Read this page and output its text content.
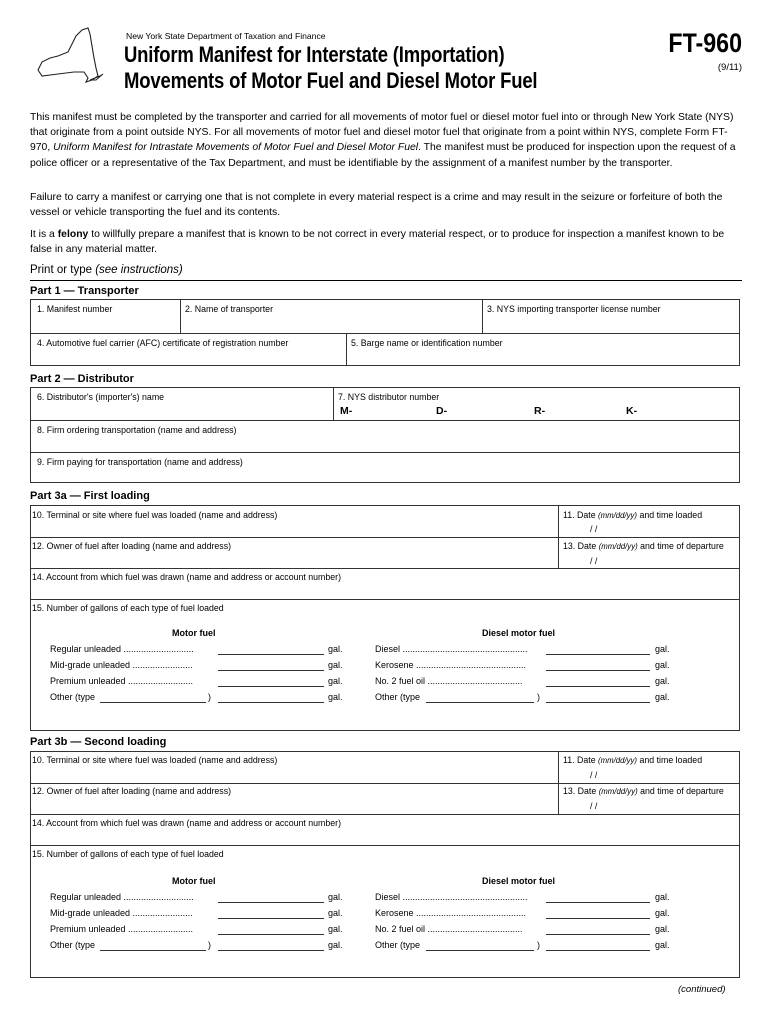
New York State Department of Taxation and Finance
Uniform Manifest for Interstate (Importation)
Movements of Motor Fuel and Diesel Motor Fuel
FT-960
(9/11)
This manifest must be completed by the transporter and carried for all movements of motor fuel or diesel motor fuel into or through New York State (NYS) that originate from a point outside NYS. For all movements of motor fuel and diesel motor fuel that originate from a point within NYS, complete Form FT-970, Uniform Manifest for Intrastate Movements of Motor Fuel and Diesel Motor Fuel. The manifest must be produced for inspection upon the request of a police officer or a representative of the Tax Department, and must be identifiable by the assignment of a manifest number by the transporter.
Failure to carry a manifest or carrying one that is not complete in every material respect is a crime and may result in the seizure or forfeiture of both the vessel or vehicle transporting the fuel and its contents.
It is a felony to willfully prepare a manifest that is known to be not correct in every material respect, or to produce for inspection a manifest known to be false in any material matter.
Print or type (see instructions)
Part 1 — Transporter
1. Manifest number	2. Name of transporter	3. NYS importing transporter license number
4. Automotive fuel carrier (AFC) certificate of registration number	5. Barge name or identification number
Part 2 — Distributor
6. Distributor's (importer's) name	7. NYS distributor number
M-	D-	R-	K-
8. Firm ordering transportation (name and address)
9. Firm paying for transportation (name and address)
Part 3a — First loading
10. Terminal or site where fuel was loaded (name and address)	11. Date (mm/dd/yy) and time loaded
/ /
12. Owner of fuel after loading (name and address)	13. Date (mm/dd/yy) and time of departure
/ /
14. Account from which fuel was drawn (name and address or account number)
15. Number of gallons of each type of fuel loaded
Motor fuel	Diesel motor fuel
Regular unleaded ............................	gal.
Mid-grade unleaded ........................	gal.
Premium unleaded ..........................	gal.
Other (type	)	gal.
Diesel ..................................................	gal.
Kerosene ............................................	gal.
No. 2 fuel oil ......................................	gal.
Other (type	)	gal.
Part 3b — Second loading
10. Terminal or site where fuel was loaded (name and address)	11. Date (mm/dd/yy) and time loaded
/ /
12. Owner of fuel after loading (name and address)	13. Date (mm/dd/yy) and time of departure
/ /
14. Account from which fuel was drawn (name and address or account number)
15. Number of gallons of each type of fuel loaded
Motor fuel	Diesel motor fuel
Regular unleaded ............................	gal.
Mid-grade unleaded ........................	gal.
Premium unleaded ..........................	gal.
Other (type	)	gal.
Diesel ..................................................	gal.
Kerosene ............................................	gal.
No. 2 fuel oil ......................................	gal.
Other (type	)	gal.
(continued)
